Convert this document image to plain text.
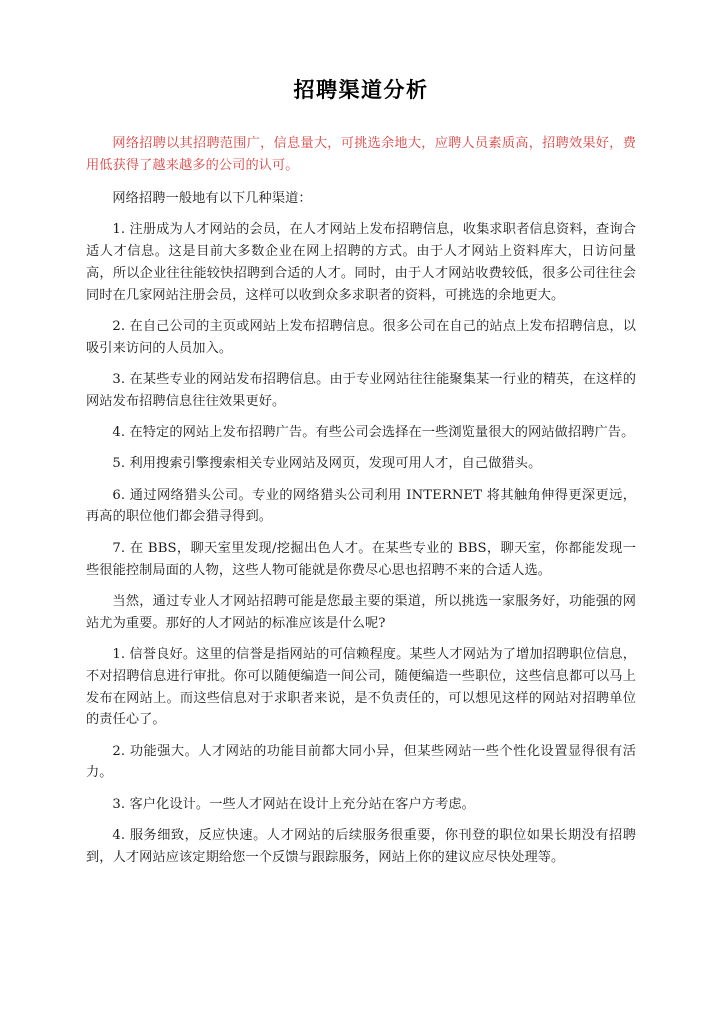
招聘渠道分析

网络招聘以其招聘范围广，信息量大，可挑选余地大，应聘人员素质高，招聘效果好，费用低获得了越来越多的公司的认可。

网络招聘一般地有以下几种渠道：

1. 注册成为人才网站的会员，在人才网站上发布招聘信息，收集求职者信息资料，查询合适人才信息。这是目前大多数企业在网上招聘的方式。由于人才网站上资料库大，日访问量高，所以企业往往能较快招聘到合适的人才。同时，由于人才网站收费较低，很多公司往往会同时在几家网站注册会员，这样可以收到众多求职者的资料，可挑选的余地更大。

2. 在自己公司的主页或网站上发布招聘信息。很多公司在自己的站点上发布招聘信息，以吸引来访问的人员加入。

3. 在某些专业的网站发布招聘信息。由于专业网站往往能聚集某一行业的精英，在这样的网站发布招聘信息往往效果更好。

4. 在特定的网站上发布招聘广告。有些公司会选择在一些浏览量很大的网站做招聘广告。

5. 利用搜索引擎搜索相关专业网站及网页，发现可用人才，自己做猎头。

6. 通过网络猎头公司。专业的网络猎头公司利用 INTERNET 将其触角伸得更深更远，再高的职位他们都会猎寻得到。

7. 在 BBS，聊天室里发现/挖掘出色人才。在某些专业的 BBS，聊天室，你都能发现一些很能控制局面的人物，这些人物可能就是你费尽心思也招聘不来的合适人选。

当然，通过专业人才网站招聘可能是您最主要的渠道，所以挑选一家服务好，功能强的网站尤为重要。那好的人才网站的标准应该是什么呢?

1. 信誉良好。这里的信誉是指网站的可信赖程度。某些人才网站为了增加招聘职位信息，不对招聘信息进行审批。你可以随便编造一间公司，随便编造一些职位，这些信息都可以马上发布在网站上。而这些信息对于求职者来说，是不负责任的，可以想见这样的网站对招聘单位的责任心了。

2. 功能强大。人才网站的功能目前都大同小异，但某些网站一些个性化设置显得很有活力。

3. 客户化设计。一些人才网站在设计上充分站在客户方考虑。

4. 服务细致，反应快速。人才网站的后续服务很重要，你刊登的职位如果长期没有招聘到，人才网站应该定期给您一个反馈与跟踪服务，网站上你的建议应尽快处理等。
